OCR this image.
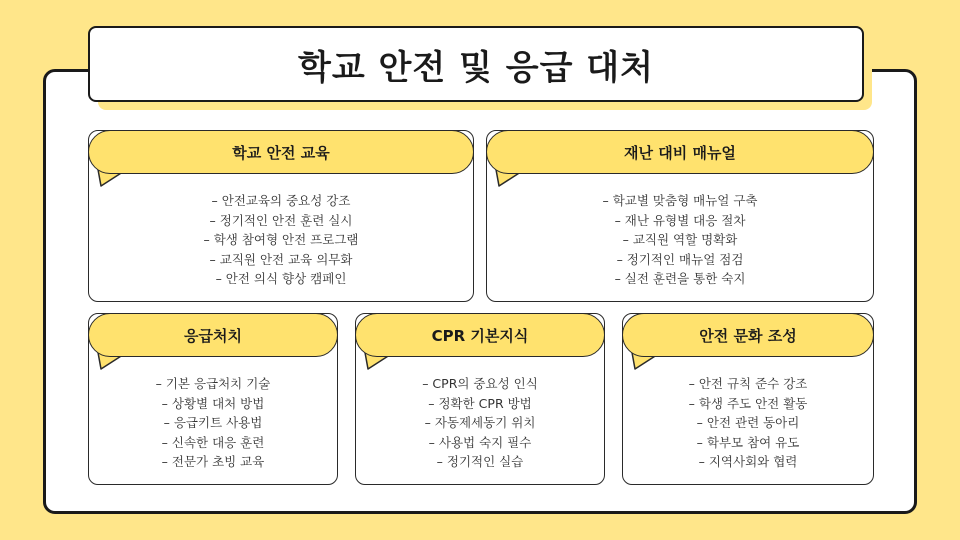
학교 안전 및 응급 대처
학교 안전 교육
– 안전교육의 중요성 강조
– 정기적인 안전 훈련 실시
– 학생 참여형 안전 프로그램
– 교직원 안전 교육 의무화
– 안전 의식 향상 캠페인
재난 대비 매뉴얼
– 학교별 맞춤형 매뉴얼 구축
– 재난 유형별 대응 절차
– 교직원 역할 명확화
– 정기적인 매뉴얼 점검
– 실전 훈련을 통한 숙지
응급처치
– 기본 응급처치 기술
– 상황별 대처 방법
– 응급키트 사용법
– 신속한 대응 훈련
– 전문가 초빙 교육
CPR 기본지식
– CPR의 중요성 인식
– 정확한 CPR 방법
– 자동제세동기 위치
– 사용법 숙지 필수
– 정기적인 실습
안전 문화 조성
– 안전 규칙 준수 강조
– 학생 주도 안전 활동
– 안전 관련 동아리
– 학부모 참여 유도
– 지역사회와 협력
